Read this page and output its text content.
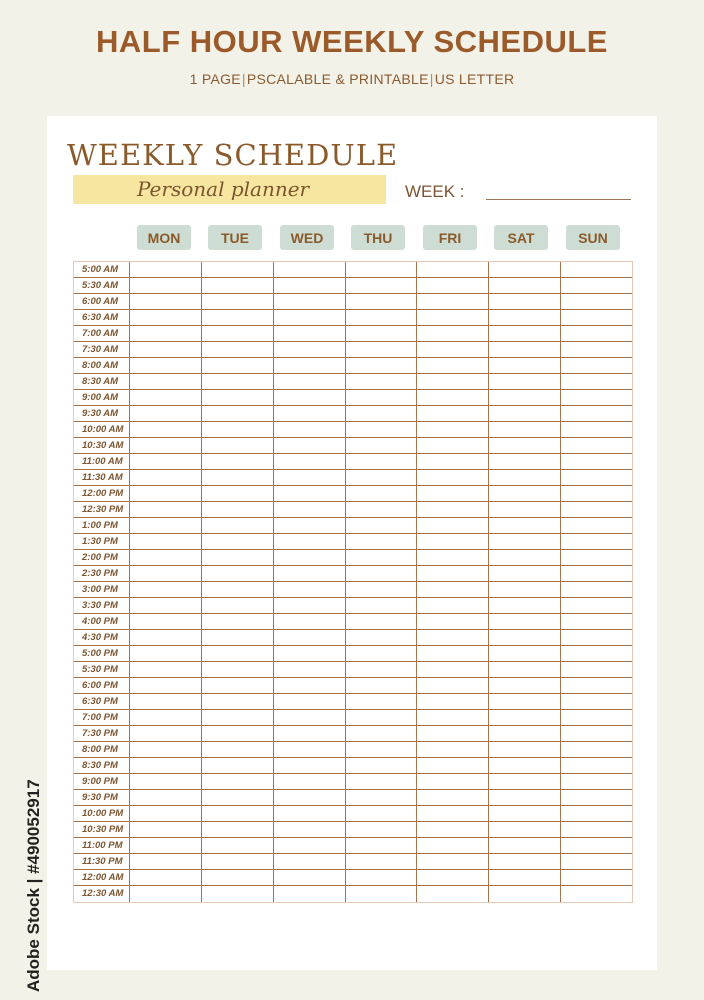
HALF HOUR WEEKLY SCHEDULE
1 PAGE|PSCALABLE & PRINTABLE|US LETTER
WEEKLY SCHEDULE
Personal planner	WEEK :
MON	TUE	WED	THU	FRI	SAT	SUN
5:00 AM
5:30 AM
6:00 AM
6:30 AM
7:00 AM
7:30 AM
8:00 AM
8:30 AM
9:00 AM
9:30 AM
10:00 AM
10:30 AM
11:00 AM
11:30 AM
12:00 PM
12:30 PM
1:00 PM
1:30 PM
2:00 PM
2:30 PM
3:00 PM
3:30 PM
4:00 PM
4:30 PM
5:00 PM
5:30 PM
6:00 PM
6:30 PM
7:00 PM
7:30 PM
8:00 PM
8:30 PM
9:00 PM
9:30 PM
10:00 PM
10:30 PM
11:00 PM
11:30 PM
12:00 AM
12:30 AM
Adobe Stock | #490052917
